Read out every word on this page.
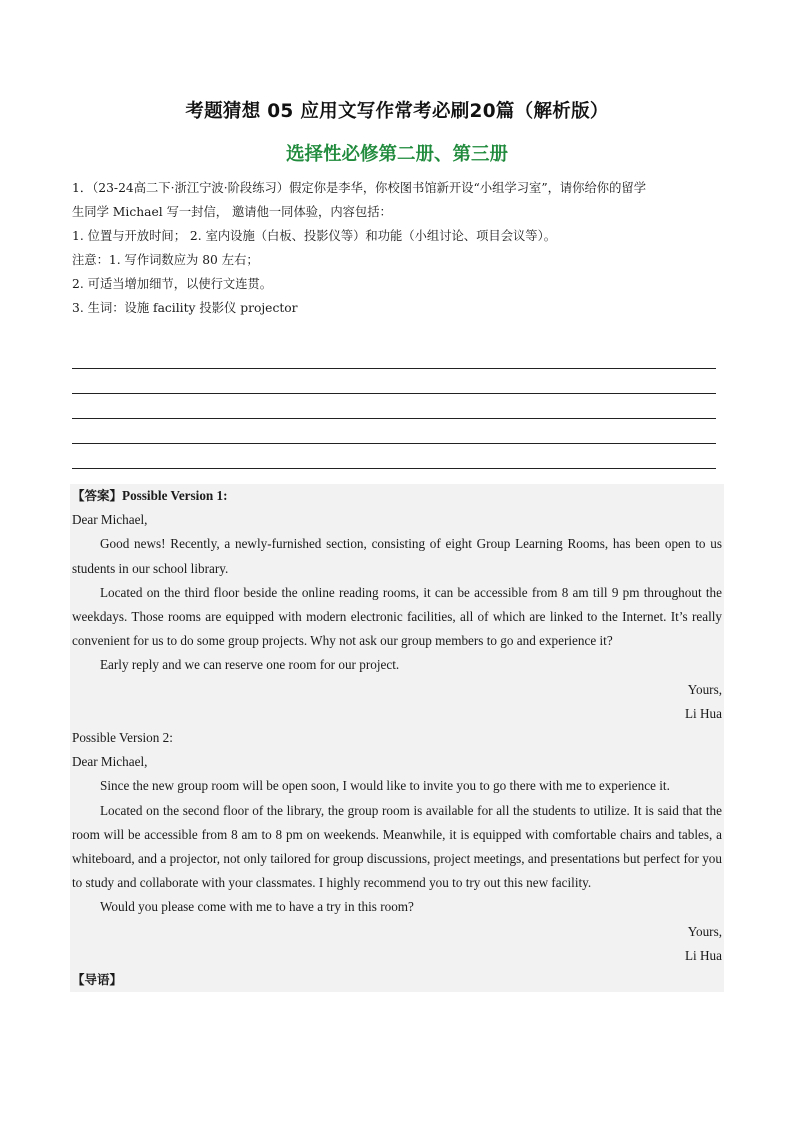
考题猜想 05 应用文写作常考必刷20篇（解析版）
选择性必修第二册、第三册

1．（23-24高二下·浙江宁波·阶段练习）假定你是李华，你校图书馆新开设“小组学习室”，请你给你的留学

生同学 Michael 写一封信， 邀请他一同体验，内容包括：

1. 位置与开放时间； 2. 室内设施（白板、投影仪等）和功能（小组讨论、项目会议等）。

注意：1. 写作词数应为 80 左右；

2. 可适当增加细节，以使行文连贯。

3. 生词：设施 facility 投影仪 projector

【答案】Possible Version 1:

Dear Michael,

Good news! Recently, a newly-furnished section, consisting of eight Group Learning Rooms, has been open to us students in our school library.

Located on the third floor beside the online reading rooms, it can be accessible from 8 am till 9 pm throughout the weekdays. Those rooms are equipped with modern electronic facilities, all of which are linked to the Internet. It’s really convenient for us to do some group projects. Why not ask our group members to go and experience it?

Early reply and we can reserve one room for our project.

Yours,

Li Hua

Possible Version 2:

Dear Michael,

Since the new group room will be open soon, I would like to invite you to go there with me to experience it.

Located on the second floor of the library, the group room is available for all the students to utilize. It is said that the room will be accessible from 8 am to 8 pm on weekends. Meanwhile, it is equipped with comfortable chairs and tables, a whiteboard, and a projector, not only tailored for group discussions, project meetings, and presentations but perfect for you to study and collaborate with your classmates. I highly recommend you to try out this new facility.

Would you please come with me to have a try in this room?

Yours,

Li Hua

【导语】
